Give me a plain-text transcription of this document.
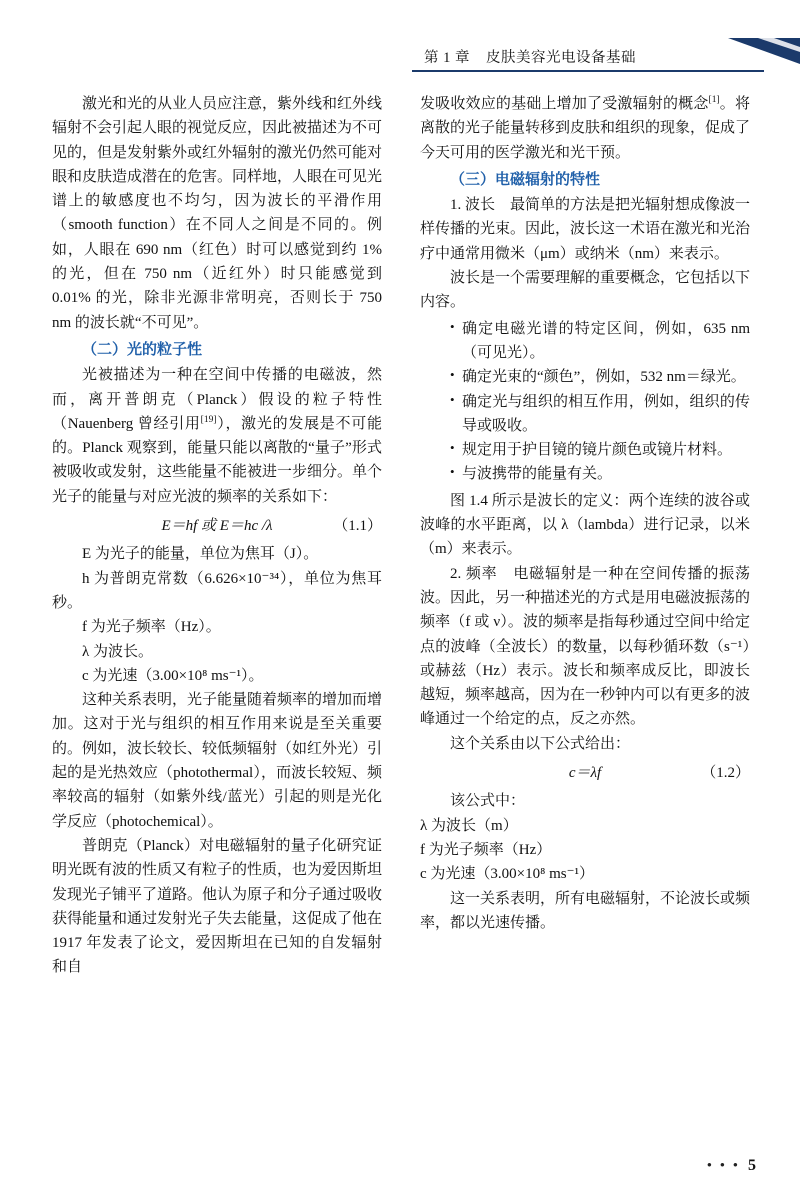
第 1 章 皮肤美容光电设备基础

激光和光的从业人员应注意，紫外线和红外线辐射不会引起人眼的视觉反应，因此被描述为不可见的，但是发射紫外或红外辐射的激光仍然可能对眼和皮肤造成潜在的危害。同样地，人眼在可见光谱上的敏感度也不均匀，因为波长的平滑作用（smooth function）在不同人之间是不同的。例如，人眼在 690 nm（红色）时可以感觉到约 1% 的光，但在 750 nm（近红外）时只能感觉到 0.01% 的光，除非光源非常明亮，否则长于 750 nm 的波长就“不可见”。

（二）光的粒子性

光被描述为一种在空间中传播的电磁波，然而，离开普朗克（Planck）假设的粒子特性（Nauenberg 曾经引用[19]），激光的发展是不可能的。Planck 观察到，能量只能以离散的“量子”形式被吸收或发射，这些能量不能被进一步细分。单个光子的能量与对应光波的频率的关系如下：

E＝hf 或 E＝hc /λ	（1.1）

E 为光子的能量，单位为焦耳（J）。

h 为普朗克常数（6.626×10⁻³⁴），单位为焦耳秒。

f 为光子频率（Hz）。

λ 为波长。

c 为光速（3.00×10⁸ ms⁻¹）。

这种关系表明，光子能量随着频率的增加而增加。这对于光与组织的相互作用来说是至关重要的。例如，波长较长、较低频辐射（如红外光）引起的是光热效应（photothermal），而波长较短、频率较高的辐射（如紫外线/蓝光）引起的则是光化学反应（photochemical）。

普朗克（Planck）对电磁辐射的量子化研究证明光既有波的性质又有粒子的性质，也为爱因斯坦发现光子铺平了道路。他认为原子和分子通过吸收获得能量和通过发射光子失去能量，这促成了他在 1917 年发表了论文，爱因斯坦在已知的自发辐射和自

发吸收效应的基础上增加了受激辐射的概念[1]。将离散的光子能量转移到皮肤和组织的现象，促成了今天可用的医学激光和光干预。

（三）电磁辐射的特性

1. 波长　最简单的方法是把光辐射想成像波一样传播的光束。因此，波长这一术语在激光和光治疗中通常用微米（μm）或纳米（nm）来表示。

波长是一个需要理解的重要概念，它包括以下内容。

• 确定电磁光谱的特定区间，例如，635 nm（可见光）。
• 确定光束的“颜色”，例如，532 nm＝绿光。
• 确定光与组织的相互作用，例如，组织的传导或吸收。
• 规定用于护目镜的镜片颜色或镜片材料。
• 与波携带的能量有关。

图 1.4 所示是波长的定义：两个连续的波谷或波峰的水平距离，以 λ（lambda）进行记录，以米（m）来表示。

2. 频率　电磁辐射是一种在空间传播的振荡波。因此，另一种描述光的方式是用电磁波振荡的频率（f 或 ν）。波的频率是指每秒通过空间中给定点的波峰（全波长）的数量，以每秒循环数（s⁻¹）或赫兹（Hz）表示。波长和频率成反比，即波长越短，频率越高，因为在一秒钟内可以有更多的波峰通过一个给定的点，反之亦然。

这个关系由以下公式给出：

c＝λf	（1.2）

该公式中：

λ 为波长（m）

f 为光子频率（Hz）

c 为光速（3.00×10⁸ ms⁻¹）

这一关系表明，所有电磁辐射，不论波长或频率，都以光速传播。

• • • 5
